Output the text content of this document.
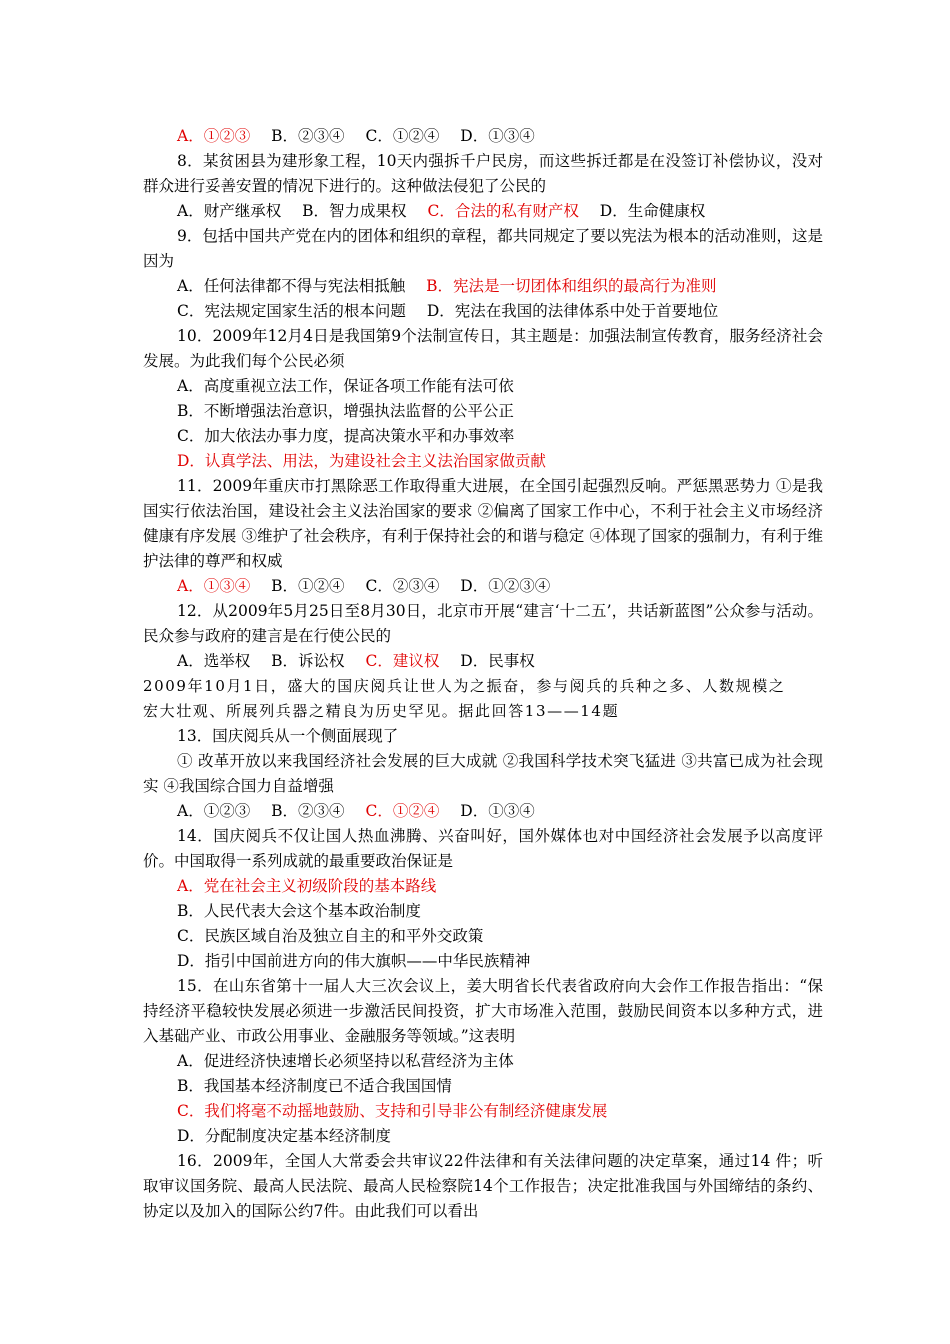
A．①②③ B．②③④ C．①②④ D．①③④
8．某贫困县为建形象工程，10天内强拆千户民房，而这些拆迁都是在没签订补偿协议，没对群众进行妥善安置的情况下进行的。这种做法侵犯了公民的
A．财产继承权 B．智力成果权 C．合法的私有财产权 D．生命健康权
9．包括中国共产党在内的团体和组织的章程，都共同规定了要以宪法为根本的活动准则，这是因为
A．任何法律都不得与宪法相抵触 B．宪法是一切团体和组织的最高行为准则
C．宪法规定国家生活的根本问题 D．宪法在我国的法律体系中处于首要地位
10．2009年12月4日是我国第9个法制宣传日，其主题是：加强法制宣传教育，服务经济社会发展。为此我们每个公民必须
A．高度重视立法工作，保证各项工作能有法可依
B．不断增强法治意识，增强执法监督的公平公正
C．加大依法办事力度，提高决策水平和办事效率
D．认真学法、用法，为建设社会主义法治国家做贡献
11．2009年重庆市打黑除恶工作取得重大进展，在全国引起强烈反响。严惩黑恶势力 ①是我国实行依法治国，建设社会主义法治国家的要求 ②偏离了国家工作中心，不利于社会主义市场经济健康有序发展 ③维护了社会秩序，有利于保持社会的和谐与稳定 ④体现了国家的强制力，有利于维护法律的尊严和权威
A．①③④ B．①②④ C．②③④ D．①②③④
12．从2009年5月25日至8月30日，北京市开展“建言‘十二五’，共话新蓝图”公众参与活动。民众参与政府的建言是在行使公民的
A．选举权 B．诉讼权 C．建议权 D．民事权
2009年10月1日，盛大的国庆阅兵让世人为之振奋，参与阅兵的兵种之多、人数规模之
宏大壮观、所展列兵器之精良为历史罕见。据此回答13——14题
13．国庆阅兵从一个侧面展现了
① 改革开放以来我国经济社会发展的巨大成就 ②我国科学技术突飞猛进 ③共富已成为社会现实 ④我国综合国力自益增强
A．①②③ B．②③④ C．①②④ D．①③④
14．国庆阅兵不仅让国人热血沸腾、兴奋叫好，国外媒体也对中国经济社会发展予以高度评价。中国取得一系列成就的最重要政治保证是
A．党在社会主义初级阶段的基本路线
B．人民代表大会这个基本政治制度
C．民族区域自治及独立自主的和平外交政策
D．指引中国前进方向的伟大旗帜——中华民族精神
15．在山东省第十一届人大三次会议上，姜大明省长代表省政府向大会作工作报告指出：“保持经济平稳较快发展必须进一步激活民间投资，扩大市场准入范围，鼓励民间资本以多种方式，进入基础产业、市政公用事业、金融服务等领域。”这表明
A．促进经济快速增长必须坚持以私营经济为主体
B．我国基本经济制度已不适合我国国情
C．我们将毫不动摇地鼓励、支持和引导非公有制经济健康发展
D．分配制度决定基本经济制度
16．2009年，全国人大常委会共审议22件法律和有关法律问题的决定草案，通过14 件；听取审议国务院、最高人民法院、最高人民检察院14个工作报告；决定批准我国与外国缔结的条约、协定以及加入的国际公约7件。由此我们可以看出
